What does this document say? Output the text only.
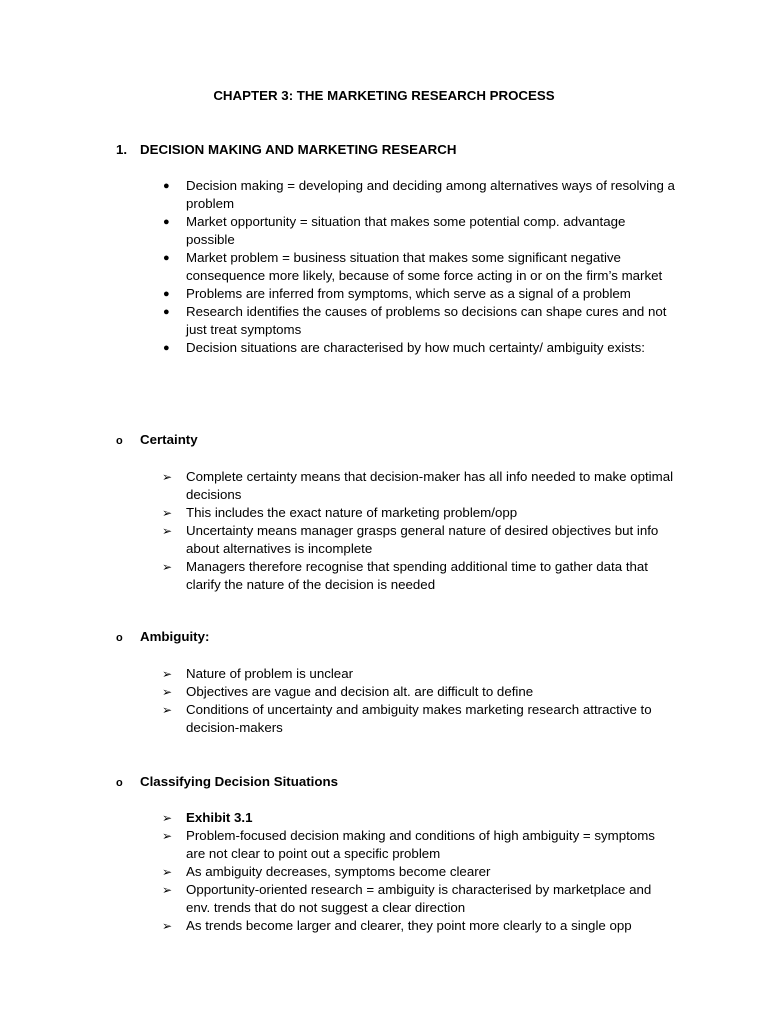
CHAPTER 3: THE MARKETING RESEARCH PROCESS
1. DECISION MAKING AND MARKETING RESEARCH
● Decision making = developing and deciding among alternatives ways of resolving a problem
● Market opportunity = situation that makes some potential comp. advantage possible
● Market problem = business situation that makes some significant negative consequence more likely, because of some force acting in or on the firm’s market
● Problems are inferred from symptoms, which serve as a signal of a problem
● Research identifies the causes of problems so decisions can shape cures and not just treat symptoms
● Decision situations are characterised by how much certainty/ ambiguity exists:
o Certainty
➢ Complete certainty means that decision-maker has all info needed to make optimal decisions
➢ This includes the exact nature of marketing problem/opp
➢ Uncertainty means manager grasps general nature of desired objectives but info about alternatives is incomplete
➢ Managers therefore recognise that spending additional time to gather data that clarify the nature of the decision is needed
o Ambiguity:
➢ Nature of problem is unclear
➢ Objectives are vague and decision alt. are difficult to define
➢ Conditions of uncertainty and ambiguity makes marketing research attractive to decision-makers
o Classifying Decision Situations
➢ Exhibit 3.1
➢ Problem-focused decision making and conditions of high ambiguity = symptoms are not clear to point out a specific problem
➢ As ambiguity decreases, symptoms become clearer
➢ Opportunity-oriented research = ambiguity is characterised by marketplace and env. trends that do not suggest a clear direction
➢ As trends become larger and clearer, they point more clearly to a single opp
